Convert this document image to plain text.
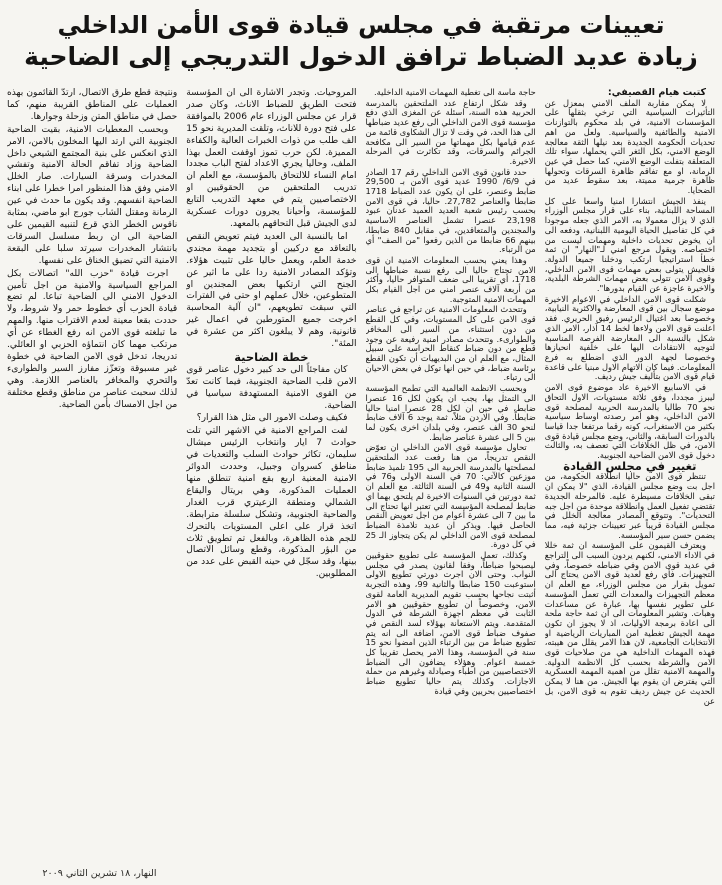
تعيينات مرتقبة في مجلس قيادة قوى الأمن الداخلي
زيادة عديد الضباط ترافق الدخول التدريجي إلى الضاحية

كتبت هيام القصيفي:

لا يمكن مقاربة الملف الامني بمعزل عن التأثيرات السياسية التي ترخي بثقلها على المؤسسات الامنية، في بلد محكوم بالتوازنات الامنية والطائفية والسياسية. ولعل من اهم تحديات الحكومة الجديدة بعد نيلها الثقة معالجة الوضع الامني، بكل الثغر التي يحملها، سواء تلك المتعلقة بتفلت الوضع الامني، كما حصل في عين الرمانة، او مع تفاقم ظاهرة السرقات وتحولها ظاهرة جرمية مميتة، بعد سقوط عديد من الضحايا.

ينفذ الجيش انتشارا امنيا واسعا على كل المساحة اللبنانية، بناء على قرار مجلس الوزراء الذي لا يزال معمولا به، الامر الذي جعله موجودا في كل تفاصيل الحياة اليومية اللبنانية، ودفعه الى ان يخوض تحديات داخلية ومهمات ليست من اختصاصه. ويقول مرجع امني لـ"النهار" ان ثمة خطأ استراتيجيا ارتكب ودخلنا جميعا الدولة. فالجيش يتولى بعض مهمات قوى الامن الداخلي، وقوى الامن تتولى بعض مهمات الشرطة البلدية، والاخيرة عاجزة عن القيام بدورها".

شكلت قوى الامن الداخلي في الاعوام الاخيرة موضع سجال بين قوى المعارضة والاكثرية النيابية، وخصوصا بعد اغتيال الرئيس رفيق الحريري. فقد اعلنت قوى الامن ولاءها لخط 14 آذار، الامر الذي شكل بالنسبة الى المعارضة الفرصة المناسبة لتوجيه الانتقادات اليها على خلفية انحيازها وخصوصا لجهة الدور الذي اضطلع به فرع المعلومات. فيما كان الاتهام الاول مبنيا على قاعدة قيام قوى الامن بتأليف جيش رديف.

في الاسابيع الاخيرة عاد موضوع قوى الامن ليبرز مجددا، وفق ثلاثة مستويات، الاول التحاق نحو 70 طالبا بالمدرسة الحربية لمصلحة قوى الامن الداخلي، وهو امر رصدته اوساط سياسية بكثير من الاستغراب، كونه رقما مرتفعا جدا قياسا بالدورات السابقة، والثاني، وضع مجلس قيادة قوى الامن، في ظل الخلافات التي تعصف به، والثالث دخول قوى الامن الضاحية الجنوبية.

تغيير في مجلس القيادة

تنتظر قوى الامن حاليا انطلاقة الحكومة، من اجل بت وضع مجلس القيادة، الذي "لا يمكن ان تبقى الخلافات مسيطرة عليه. فالمرحلة الجديدة تقتضي تفعيل العمل وانطلاقة موحدة من اجل جبه التحديات". وتتوقع المصادر معالجة الخلل في مجلس القيادة قريباً عبر تعيينات جزئية فيه، مما يضمن حسن سير المؤسسة.

ويعترف القيمون على المؤسسة ان ثمة خللا في الاداء الامني، لكنهم يردون السبب الى التراجع في عديد قوى الامن وفي ضباطه خصوصاً، وفي التجهيزات. فأي رفع لعديد قوى الامن يحتاج الى تمويل بقرار من مجلس الوزراء، مع العلم ان معظم التجهيزات والمعدات التي تعمل المؤسسة على تطوير نفسها بها، عبارة عن مساعدات وهبات. وتشير المعلومات الى ان ثمة حاجة ملحة الى اعادة برمجة الاوليات، اذ لا يجوز ان تكون مهمة الجيش تغطية امن المباريات الرياضية او الانتخابات الجامعية، لان هذا الامر يقلل من هيبته، فهذه المهمات الداخلية هي من صلاحيات قوى الامن والشرطة بحسب كل الانظمة الدولية. والمهمة الامنية تقلل من اهمية المهمة العسكرية التي يفترض ان يقوم بها الجيش. من هنا لا يمكن الحديث عن جيش رديف تقوم به قوى الامن، بل عن

حاجة ماسة الى تغطية المهمات الامنية الداخلية.

وقد شكل ارتفاع عدد الملتحقين بالمدرسة الحربية هذه السنة، اسئلة عن المغزى الذي دفع مؤسسة قوى الامن الداخلي الى رفع عديد ضباطها الى هذا الحد، في وقت لا تزال الشكاوى قائمة من عدم قيامها بكل مهماتها من السير الى مكافحة الجرائم والسرقات، وقد تكاثرت في المرحلة الاخيرة.

حدد قانون قوى الامن الداخلي رقم 17 الصادر في 6/9/ 1990 عديد قوى الامن بـ 29,500 ضابط وعنصر، على ان يكون عدد الضباط 1718 ضابطا والعناصر 27,782. حاليا، في قوى الامن بحسب رئيس شعبة العديد العميد عدنان عبود 23,198 عنصرا تشمل العناصر الاساسية والمجندين والمتعاقدين، في مقابل 840 ضابطا، بينهم 66 ضابطا من الذين رفعوا "من الصف" أي من الرتباء.

وهذا يعني بحسب المعلومات الامنية ان قوى الامن تحتاج حاليا الى رفع نسبة ضباطها الى 1718، أي تقريبا الى ضعف المتوافر حاليا، وأكثر من أربعة آلاف عنصر امني من اجل القيام بكل المهمات الامنية المتوجبة.

وتتحدث المعلومات الامنية عن تراجع في عناصر قوى الامن على كل المستويات، وفي كل القطع من دون استثناء، من السير الى المخافر والطوارىء. وتتحدث مصادر امنية رفيعة عن وجود قطع من دون ضباط كنقاط الحراسة على سبيل المثال، مع العلم ان من البديهيات أن تكون القطع برئاسة ضباط، في حين انها توكل في بعض الاحيان الى رتباء.

وبحسب الانظمة العالمية التي تطمح المؤسسة الى التمثل بها، يجب ان يكون لكل 16 عنصرا ضابط، في حين ان لكل 28 عنصرا امنيا حاليا ضابطاً. وفي الاردن مثلاً، ثمة يوجد 6 آلاف ضابط لنحو 30 الف عنصر، وفي بلدان اخرى يكون لما بين 5 الى عشرة عناصر ضابط.

تحاول مؤسسة قوى الامن الداخلي ان تعوّض النقص تدريجاً، من هنا رفعت عدد الملتحقين لمصلحتها بالمدرسة الحربية الى 195 تلميذ ضابط موزعين كالآتي: 70 في السنة الاولى و76 في السنة الثانية و49 في السنة الثالثة. مع العلم ان ثمة دورتين في السنوات الاخيرة لم يلتحق بهما اي ضابط لمصلحة المؤسسة التي تعتبر انها تحتاج الى ما بين 7 الى عشرة أعوام من اجل تعويض النقص الحاصل فيها. ويذكر ان عديد تلامذة الضباط لمصلحة قوى الامن الداخلي لم يكن يتجاوز الـ 25 في كل دورة.

وكذلك، تعمل المؤسسة على تطويع حقوقيين ليصبحوا ضباطاً، وفقا لقانون يصدر في مجلس النواب. وحتى الان اجرت دورتي تطويع الاولى استوعبت 150 ضابطا والثانية 99، وهذه التجربة أثبتت نجاحها بحسب تقويم المديرية العامة لقوى الامن، وخصوصاً ان تطويع حقوقيين هو الامر الثابت في معظم اجهزة الشرطة في الدول المتقدمة. ويتم الاستعانة بهؤلاء لسد النقص في صفوف ضباط قوى الامن، اضافة الى انه يتم تطويع ضباط من بين الرتباء الذين امضوا نحو 15 سنة في المؤسسة، وهذا الامر يحصل تقريبا كل خمسة اعوام. وهؤلاء يضافون الى الضباط الاختصاصيين من اطباء وصيادلة وغيرهم من حملة الاجازات. وكذلك يتم حاليا تطويع ضباط اختصاصيين بحريين وفي قيادة

المروحيات. وتجدر الاشارة الى ان المؤسسة فتحت الطريق للضباط الاناث، وكان صدر قرار عن مجلس الوزراء عام 2006 بالموافقة على فتح دورة للاناث، وتلقت المديرية نحو 15 الف طلب من ذوات الخبرات العالية والكفاءة المميزة. لكن حرب تموز اوقفت العمل بهذا الملف، وحاليا يجري الاعداد لفتح الباب مجددا امام النساء للالتحاق بالمؤسسة، مع العلم ان تدريب الملتحقين من الحقوقيين او الاختصاصيين يتم في معهد التدريب التابع للمؤسسة، وأحيانا يجرون دورات عسكرية لدى الجيش قبل التحاقهم بالمعهد.

اما بالنسبة الى العديد فيتم تعويض النقص بالتعاقد مع دركيين أو بتجديد مهمة مجندي خدمة العلم، ويعمل حاليا على تثبيت هؤلاء. وتؤكد المصادر الامنية ردا على ما اثير عن الجنح التي ارتكبها بعض المجندين او المتطوعين، خلال عملهم او حتى في الفترات التي سبقت تطويعهم، "ان آلية المحاسبة اخرجت جميع المتورطين في اعمال غير قانونية، وهم لا يبلغون اكثر من عشرة في المئة".

خطة الضاحية

كان مفاجئاً الى حد كبير دخول عناصر قوى الامن قلب الضاحية الجنوبية، فيما كانت تعدّ من القوى الامنية المستهدفة سياسيا في الضاحية.

فكيف وصلت الامور الى مثل هذا القرار؟

لفت المراجع الامنية في الاشهر التي تلت حوادث 7 ايار وانتخاب الرئيس ميشال سليمان، تكاثر حوادث السلب والتعديات في مناطق كسروان وجبيل، وحددت الدوائر الامنية المعنية اربع بقع امنية تنطلق منها العمليات المذكورة، وهي بريتال واليقاع الشمالي ومنطقة الزعيتري قرب الغدار والضاحية الجنوبية، وتشكل سلسلة مترابطة. اتخذ قرار على اعلى المستويات بالتحرك للجم هذه الظاهرة، وبالفعل تم تطويق ثلاث من البؤر المذكورة، وقطع وسائل الاتصال بينها، وقد سجّل في حينه القبض على عدد من المطلوبين.

ونتيجة قطع طرق الاتصال، ارتدّ القائمون بهذه العمليات على المناطق القريبة منهم، كما حصل في مناطق المتن وزحلة وجوارها.

وبحسب المعطيات الامنية، بقيت الضاحية الجنوبية التي ارتد اليها المخلون بالامن، الامر الذي انعكس على بنية المجتمع الشيعي داخل الضاحية وزاد تفاقم الحالة الامنية وتفشي المخدرات وسرقة السيارات. صار الخلل الامني وفق هذا المنظور امرا خطرا على ابناء الضاحية انفسهم. وقد يكون ما حدث في عين الرمانة ومقتل الشاب جورج ابو ماضي، بمثابة ناقوس الخطر الذي قرع لتنبيه القيمين على الضاحية الى ان ربط مسلسل السرقات بانتشار المخدرات سيرتد سلبا على البقعة الامنية التي تضيق الخناق على نفسها.

اجرت قيادة "حزب الله" اتصالات بكل المراجع السياسية والامنية من اجل تأمين الدخول الامني الى الضاحية تباعا. لم تضع قيادة الحزب أي خطوط حمر ولا شروط، ولا حددت بقعا معينة لعدم الاقتراب منها. والمهم ما تبلغته قوى الامن انه رفع الغطاء عن أي مرتكب مهما كان انتماؤه الحزبي او العائلي. تدريجا، تدخل قوى الامن الضاحية في خطوة غير مسبوقة وتعزّز مفارز السير والطوارىء والتحري والمخافر بالعناصر اللازمة. وهي لذلك سحبت عناصر من مناطق وقطع مختلفة من اجل الامساك بأمن الضاحية.

النهار، ١٨ تشرين الثاني ٢٠٠٩
